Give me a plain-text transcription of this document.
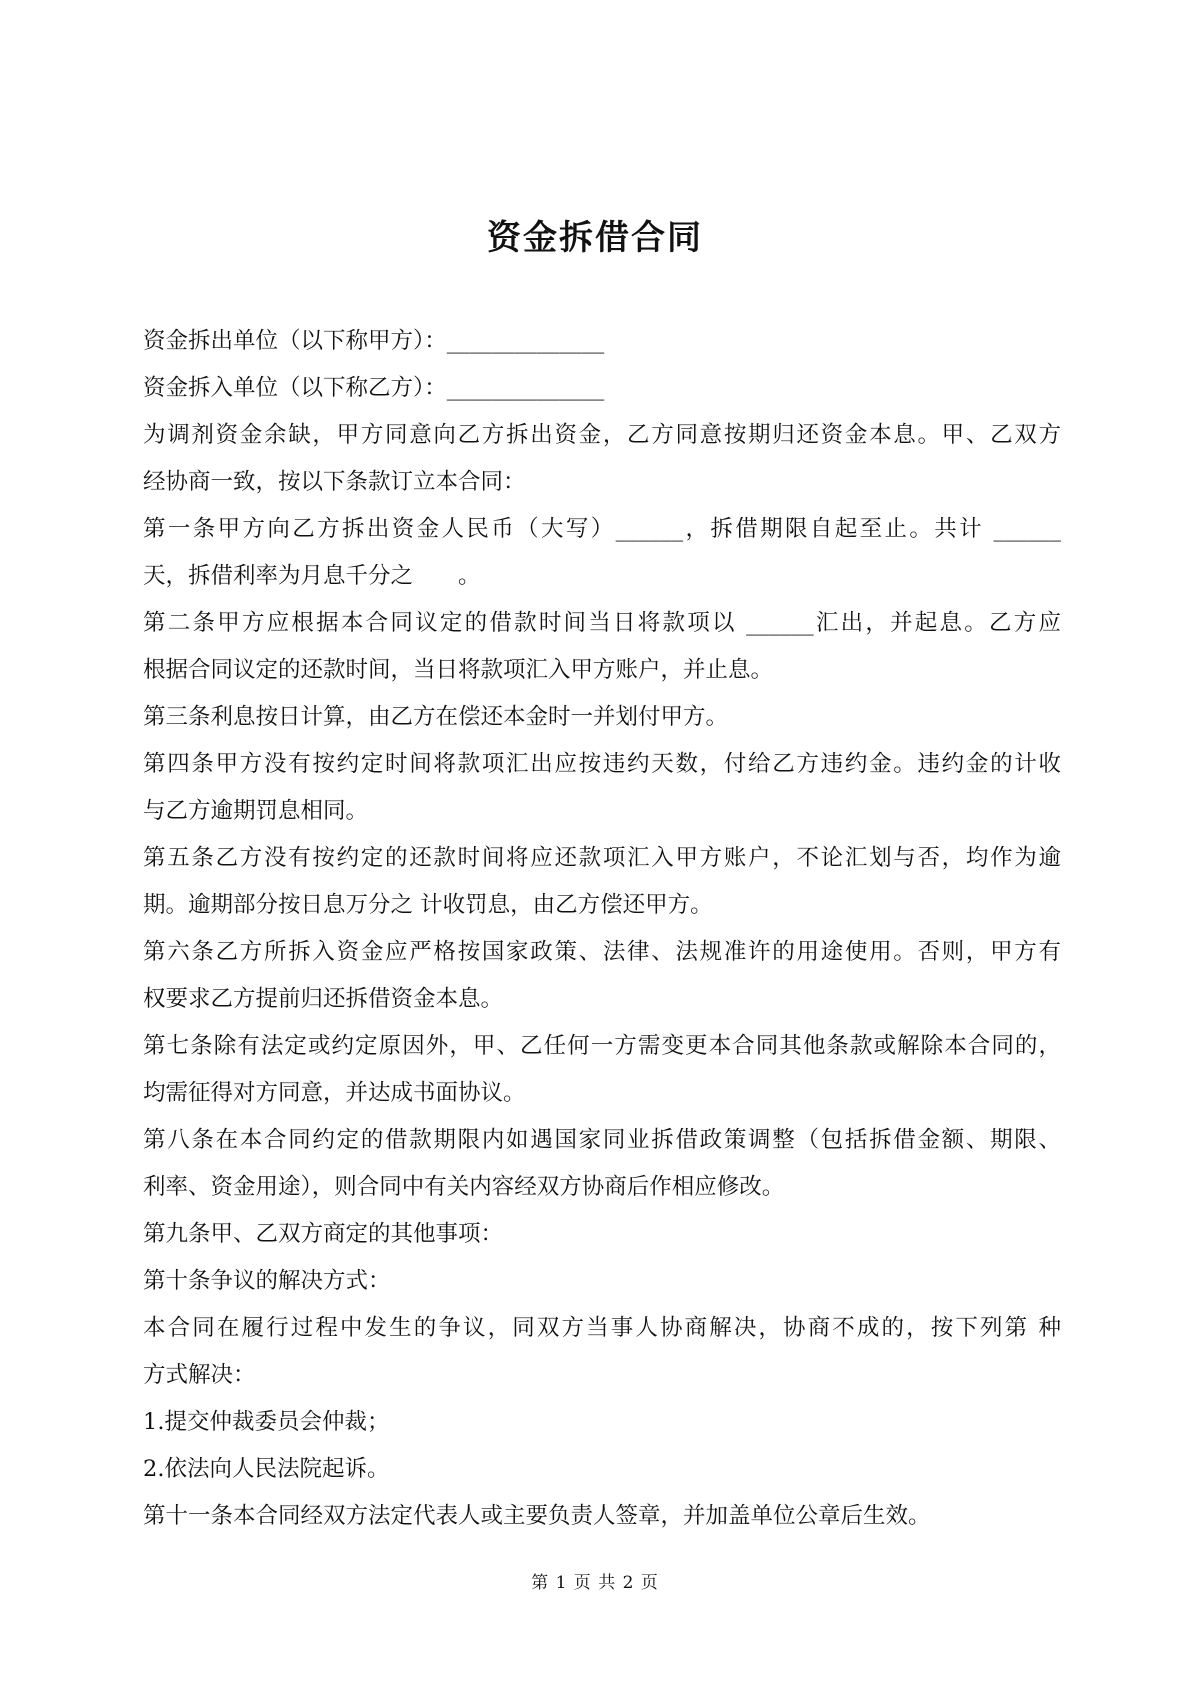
资金拆借合同
资金拆出单位（以下称甲方）：______________
资金拆入单位（以下称乙方）：______________
为调剂资金余缺，甲方同意向乙方拆出资金，乙方同意按期归还资金本息。甲、乙双方
经协商一致，按以下条款订立本合同：
第一条甲方向乙方拆出资金人民币（大写）______，拆借期限自起至止。共计 ______
天，拆借利率为月息千分之　　。
第二条甲方应根据本合同议定的借款时间当日将款项以 ______汇出，并起息。乙方应
根据合同议定的还款时间，当日将款项汇入甲方账户，并止息。
第三条利息按日计算，由乙方在偿还本金时一并划付甲方。
第四条甲方没有按约定时间将款项汇出应按违约天数，付给乙方违约金。违约金的计收
与乙方逾期罚息相同。
第五条乙方没有按约定的还款时间将应还款项汇入甲方账户，不论汇划与否，均作为逾
期。逾期部分按日息万分之 计收罚息，由乙方偿还甲方。
第六条乙方所拆入资金应严格按国家政策、法律、法规准许的用途使用。否则，甲方有
权要求乙方提前归还拆借资金本息。
第七条除有法定或约定原因外，甲、乙任何一方需变更本合同其他条款或解除本合同的，
均需征得对方同意，并达成书面协议。
第八条在本合同约定的借款期限内如遇国家同业拆借政策调整（包括拆借金额、期限、
利率、资金用途），则合同中有关内容经双方协商后作相应修改。
第九条甲、乙双方商定的其他事项：
第十条争议的解决方式：
本合同在履行过程中发生的争议，同双方当事人协商解决，协商不成的，按下列第 种
方式解决：
1.提交仲裁委员会仲裁；
2.依法向人民法院起诉。
第十一条本合同经双方法定代表人或主要负责人签章，并加盖单位公章后生效。
第 1 页 共 2 页
